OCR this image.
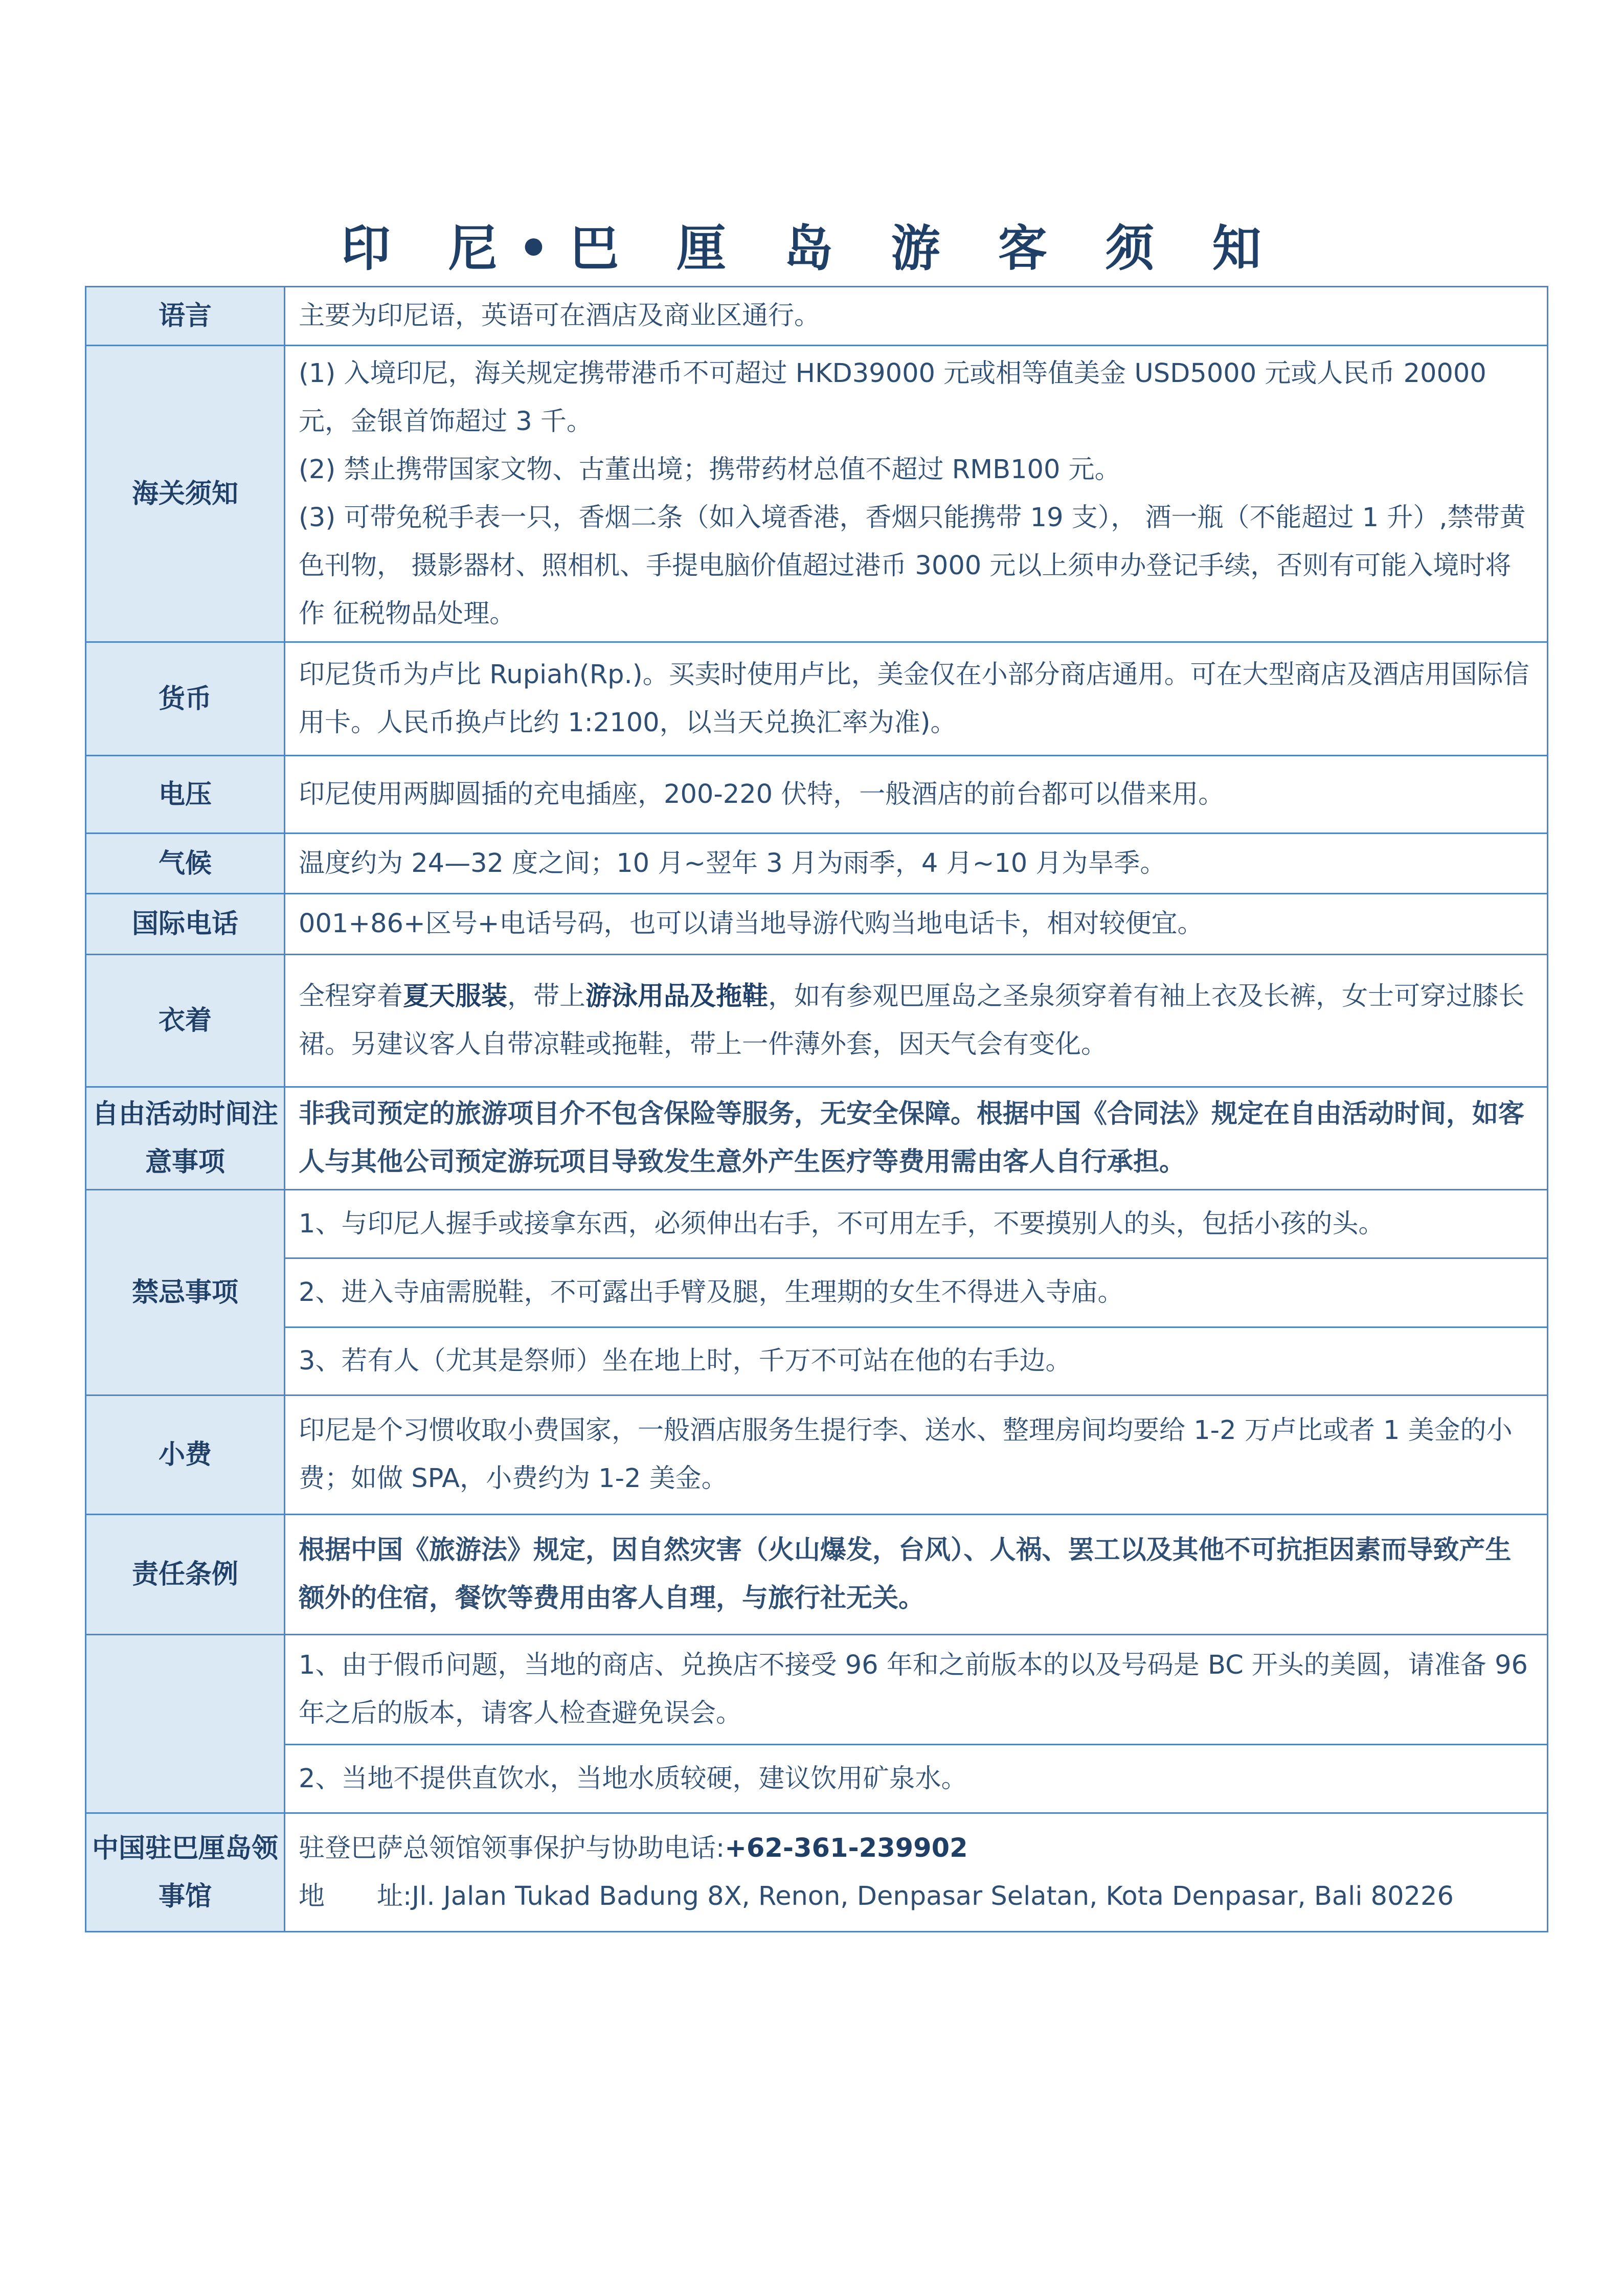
印 尼•巴 厘 岛 游 客 须 知
语言	主要为印尼语，英语可在酒店及商业区通行。
海关须知	(1) 入境印尼，海关规定携带港币不可超过 HKD39000 元或相等值美金 USD5000 元或人民币 20000 元，金银首饰超过 3 千。
(2) 禁止携带国家文物、古董出境；携带药材总值不超过 RMB100 元。
(3) 可带免税手表一只，香烟二条（如入境香港，香烟只能携带 19 支）， 酒一瓶（不能超过 1 升）,禁带黄色刊物， 摄影器材、照相机、手提电脑价值超过港币 3000 元以上须申办登记手续，否则有可能入境时将作 征税物品处理。

货币	印尼货币为卢比 Rupiah(Rp.)。买卖时使用卢比，美金仅在小部分商店通用。可在大型商店及酒店用国际信用卡。人民币换卢比约 1:2100，以当天兑换汇率为准)。
电压	印尼使用两脚圆插的充电插座，200-220 伏特，一般酒店的前台都可以借来用。
气候	温度约为 24—32 度之间；10 月~翌年 3 月为雨季，4 月~10 月为旱季。
国际电话	001+86+区号+电话号码，也可以请当地导游代购当地电话卡，相对较便宜。
衣着	全程穿着夏天服装，带上游泳用品及拖鞋，如有参观巴厘岛之圣泉须穿着有袖上衣及长裤，女士可穿过膝长裙。另建议客人自带凉鞋或拖鞋，带上一件薄外套，因天气会有变化。
自由活动时间注意事项	非我司预定的旅游项目介不包含保险等服务，无安全保障。根据中国《合同法》规定在自由活动时间，如客人与其他公司预定游玩项目导致发生意外产生医疗等费用需由客人自行承担。
禁忌事项	1、与印尼人握手或接拿东西，必须伸出右手，不可用左手，不要摸别人的头，包括小孩的头。
	2、进入寺庙需脱鞋，不可露出手臂及腿，生理期的女生不得进入寺庙。
	3、若有人（尤其是祭师）坐在地上时，千万不可站在他的右手边。
小费	印尼是个习惯收取小费国家，一般酒店服务生提行李、送水、整理房间均要给 1-2 万卢比或者 1 美金的小费；如做 SPA，小费约为 1-2 美金。
责任条例	根据中国《旅游法》规定，因自然灾害（火山爆发，台风）、人祸、罢工以及其他不可抗拒因素而导致产生额外的住宿，餐饮等费用由客人自理，与旅行社无关。
	1、由于假币问题，当地的商店、兑换店不接受 96 年和之前版本的以及号码是 BC 开头的美圆，请准备 96 年之后的版本，请客人检查避免误会。
	2、当地不提供直饮水，当地水质较硬，建议饮用矿泉水。
中国驻巴厘岛领事馆	驻登巴萨总领馆领事保护与协助电话:+62-361-239902
地　　址:Jl. Jalan Tukad Badung 8X, Renon, Denpasar Selatan, Kota Denpasar, Bali 80226
